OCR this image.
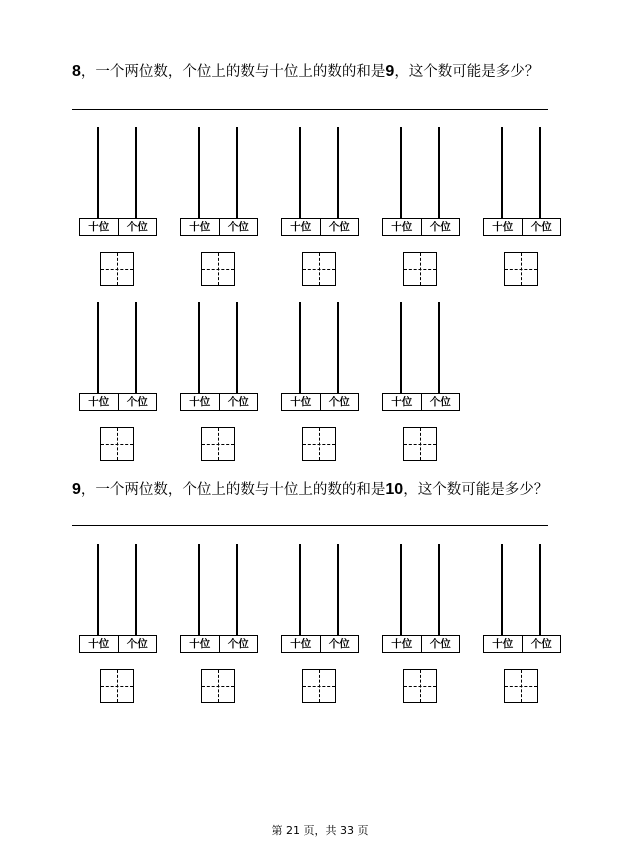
8，一个两位数，个位上的数与十位上的数的和是9，这个数可能是多少？
9，一个两位数，个位上的数与十位上的数的和是10，这个数可能是多少？
十位	个位	十位	个位	十位	个位	十位	个位	十位	个位
十位	个位	十位	个位	十位	个位	十位	个位
十位	个位	十位	个位	十位	个位	十位	个位	十位	个位
第 21 页，共 33 页
